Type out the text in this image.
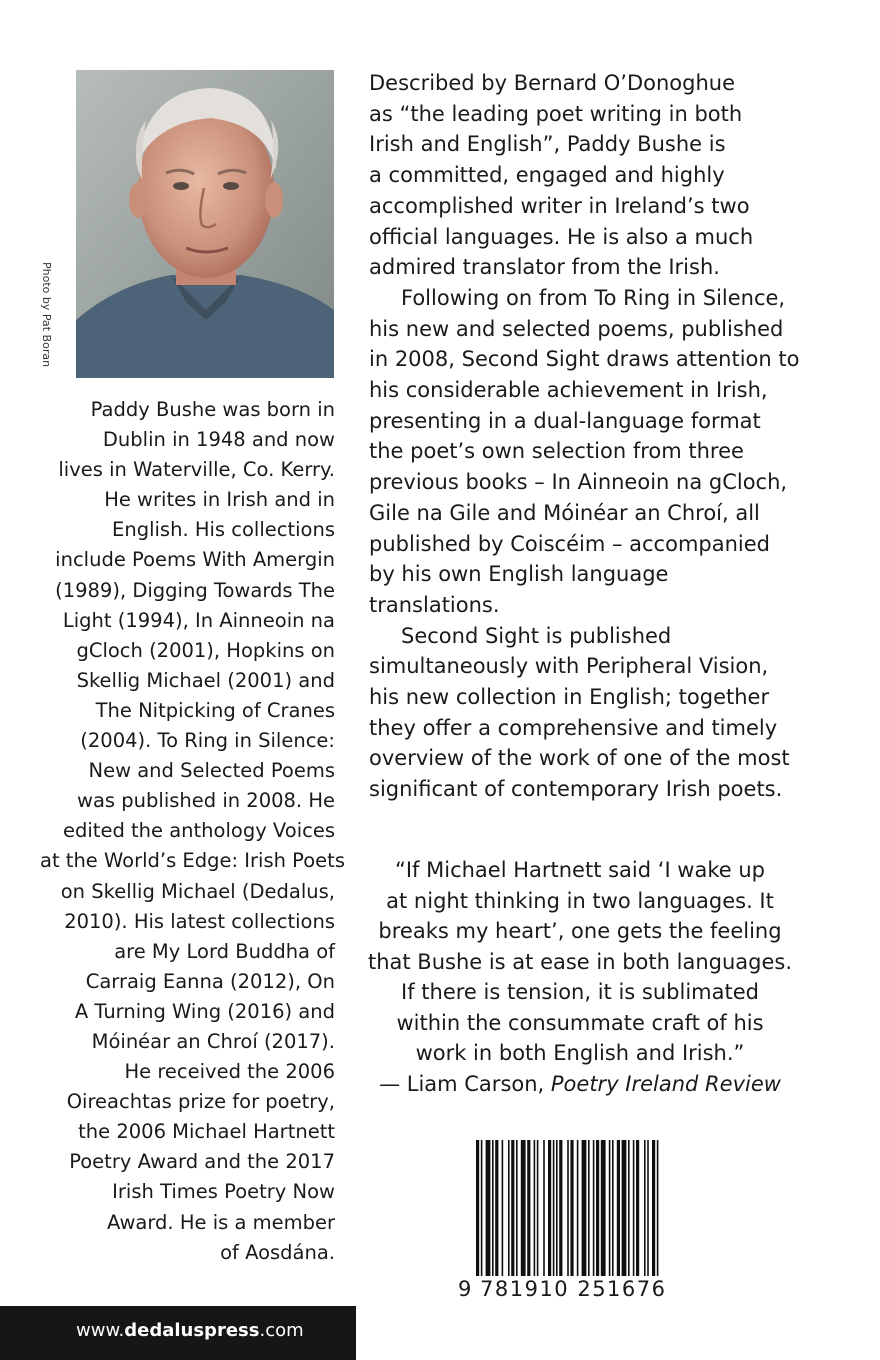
Photo by Pat Boran
Paddy Bushe was born in
Dublin in 1948 and now
lives in Waterville, Co. Kerry.
He writes in Irish and in
English. His collections
include Poems With Amergin
(1989), Digging Towards The
Light (1994), In Ainneoin na
gCloch (2001), Hopkins on
Skellig Michael (2001) and
The Nitpicking of Cranes
(2004). To Ring in Silence:
New and Selected Poems
was published in 2008. He
edited the anthology Voices
at the World’s Edge: Irish Poets
on Skellig Michael (Dedalus,
2010). His latest collections
are My Lord Buddha of
Carraig Eanna (2012), On
A Turning Wing (2016) and
Móinéar an Chroí (2017).
He received the 2006
Oireachtas prize for poetry,
the 2006 Michael Hartnett
Poetry Award and the 2017
Irish Times Poetry Now
Award. He is a member
of Aosdána.
Described by Bernard O’Donoghue
as “the leading poet writing in both
Irish and English”, Paddy Bushe is
a committed, engaged and highly
accomplished writer in Ireland’s two
official languages. He is also a much
admired translator from the Irish.
Following on from To Ring in Silence,
his new and selected poems, published
in 2008, Second Sight draws attention to
his considerable achievement in Irish,
presenting in a dual-language format
the poet’s own selection from three
previous books – In Ainneoin na gCloch,
Gile na Gile and Móinéar an Chroí, all
published by Coiscéim – accompanied
by his own English language
translations.
Second Sight is published
simultaneously with Peripheral Vision,
his new collection in English; together
they offer a comprehensive and timely
overview of the work of one of the most
significant of contemporary Irish poets.
“If Michael Hartnett said ‘I wake up
at night thinking in two languages. It
breaks my heart’, one gets the feeling
that Bushe is at ease in both languages.
If there is tension, it is sublimated
within the consummate craft of his
work in both English and Irish.”
— Liam Carson, Poetry Ireland Review
9 781910 251676
www.dedaluspress.com
